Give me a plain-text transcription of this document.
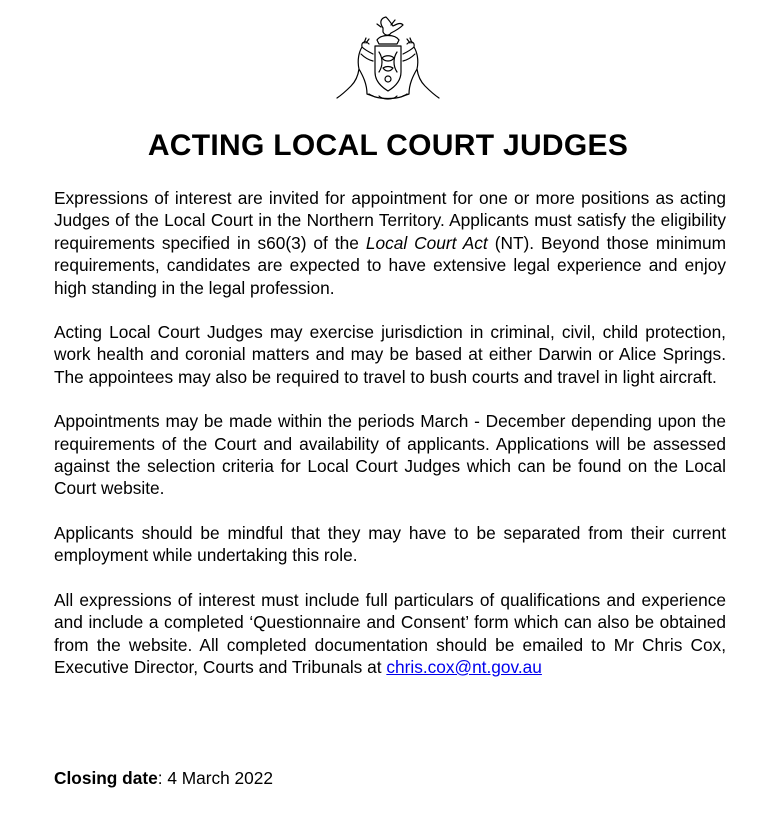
ACTING LOCAL COURT JUDGES

Expressions of interest are invited for appointment for one or more positions as acting Judges of the Local Court in the Northern Territory. Applicants must satisfy the eligibility requirements specified in s60(3) of the Local Court Act (NT). Beyond those minimum requirements, candidates are expected to have extensive legal experience and enjoy high standing in the legal profession.

Acting Local Court Judges may exercise jurisdiction in criminal, civil, child protection, work health and coronial matters and may be based at either Darwin or Alice Springs. The appointees may also be required to travel to bush courts and travel in light aircraft.

Appointments may be made within the periods March - December depending upon the requirements of the Court and availability of applicants. Applications will be assessed against the selection criteria for Local Court Judges which can be found on the Local Court website.

Applicants should be mindful that they may have to be separated from their current employment while undertaking this role.

All expressions of interest must include full particulars of qualifications and experience and include a completed ‘Questionnaire and Consent’ form which can also be obtained from the website. All completed documentation should be emailed to Mr Chris Cox, Executive Director, Courts and Tribunals at chris.cox@nt.gov.au

Closing date: 4 March 2022
